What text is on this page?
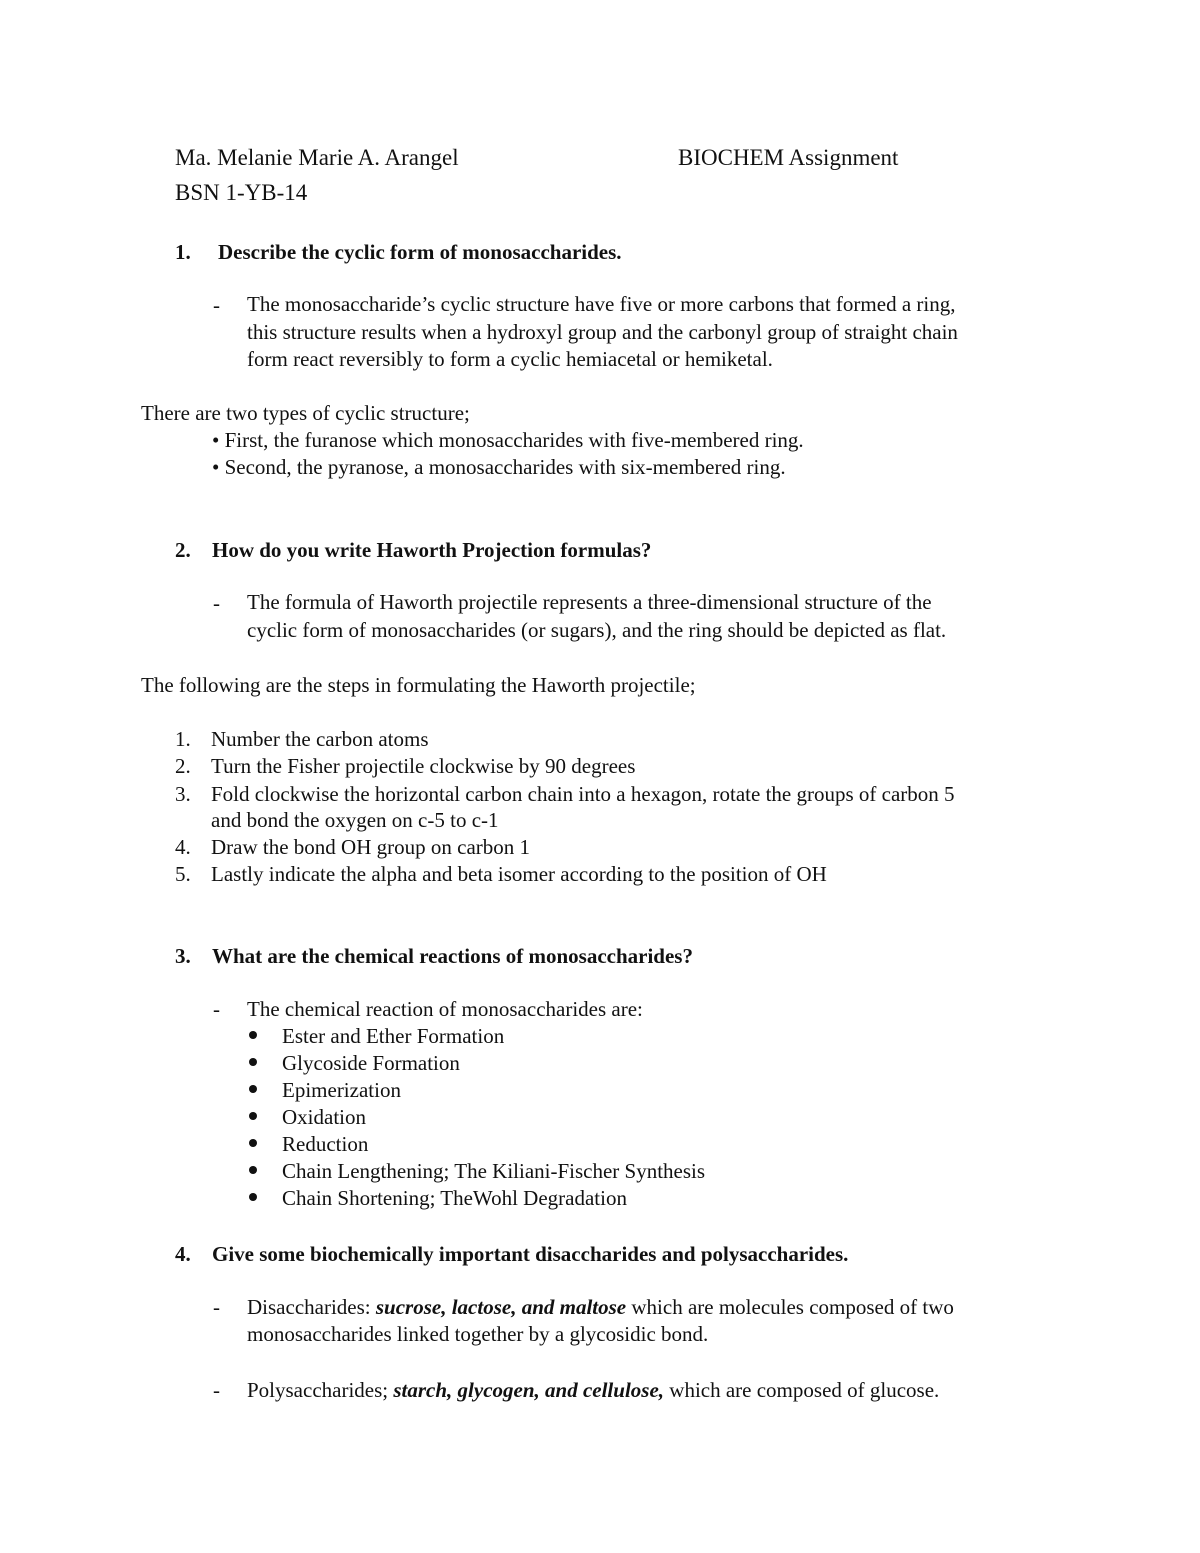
Ma. Melanie Marie A. Arangel	BIOCHEM Assignment
BSN 1-YB-14
1. Describe the cyclic form of monosaccharides.
- The monosaccharide’s cyclic structure have five or more carbons that formed a ring,
this structure results when a hydroxyl group and the carbonyl group of straight chain
form react reversibly to form a cyclic hemiacetal or hemiketal.
There are two types of cyclic structure;
• First, the furanose which monosaccharides with five-membered ring.
• Second, the pyranose, a monosaccharides with six-membered ring.
2. How do you write Haworth Projection formulas?
- The formula of Haworth projectile represents a three-dimensional structure of the
cyclic form of monosaccharides (or sugars), and the ring should be depicted as flat.
The following are the steps in formulating the Haworth projectile;
1. Number the carbon atoms
2. Turn the Fisher projectile clockwise by 90 degrees
3. Fold clockwise the horizontal carbon chain into a hexagon, rotate the groups of carbon 5
and bond the oxygen on c-5 to c-1
4. Draw the bond OH group on carbon 1
5. Lastly indicate the alpha and beta isomer according to the position of OH
3. What are the chemical reactions of monosaccharides?
- The chemical reaction of monosaccharides are:
Ester and Ether Formation
Glycoside Formation
Epimerization
Oxidation
Reduction
Chain Lengthening; The Kiliani-Fischer Synthesis
Chain Shortening; TheWohl Degradation
4. Give some biochemically important disaccharides and polysaccharides.
- Disaccharides: sucrose, lactose, and maltose which are molecules composed of two
monosaccharides linked together by a glycosidic bond.
- Polysaccharides; starch, glycogen, and cellulose, which are composed of glucose.
